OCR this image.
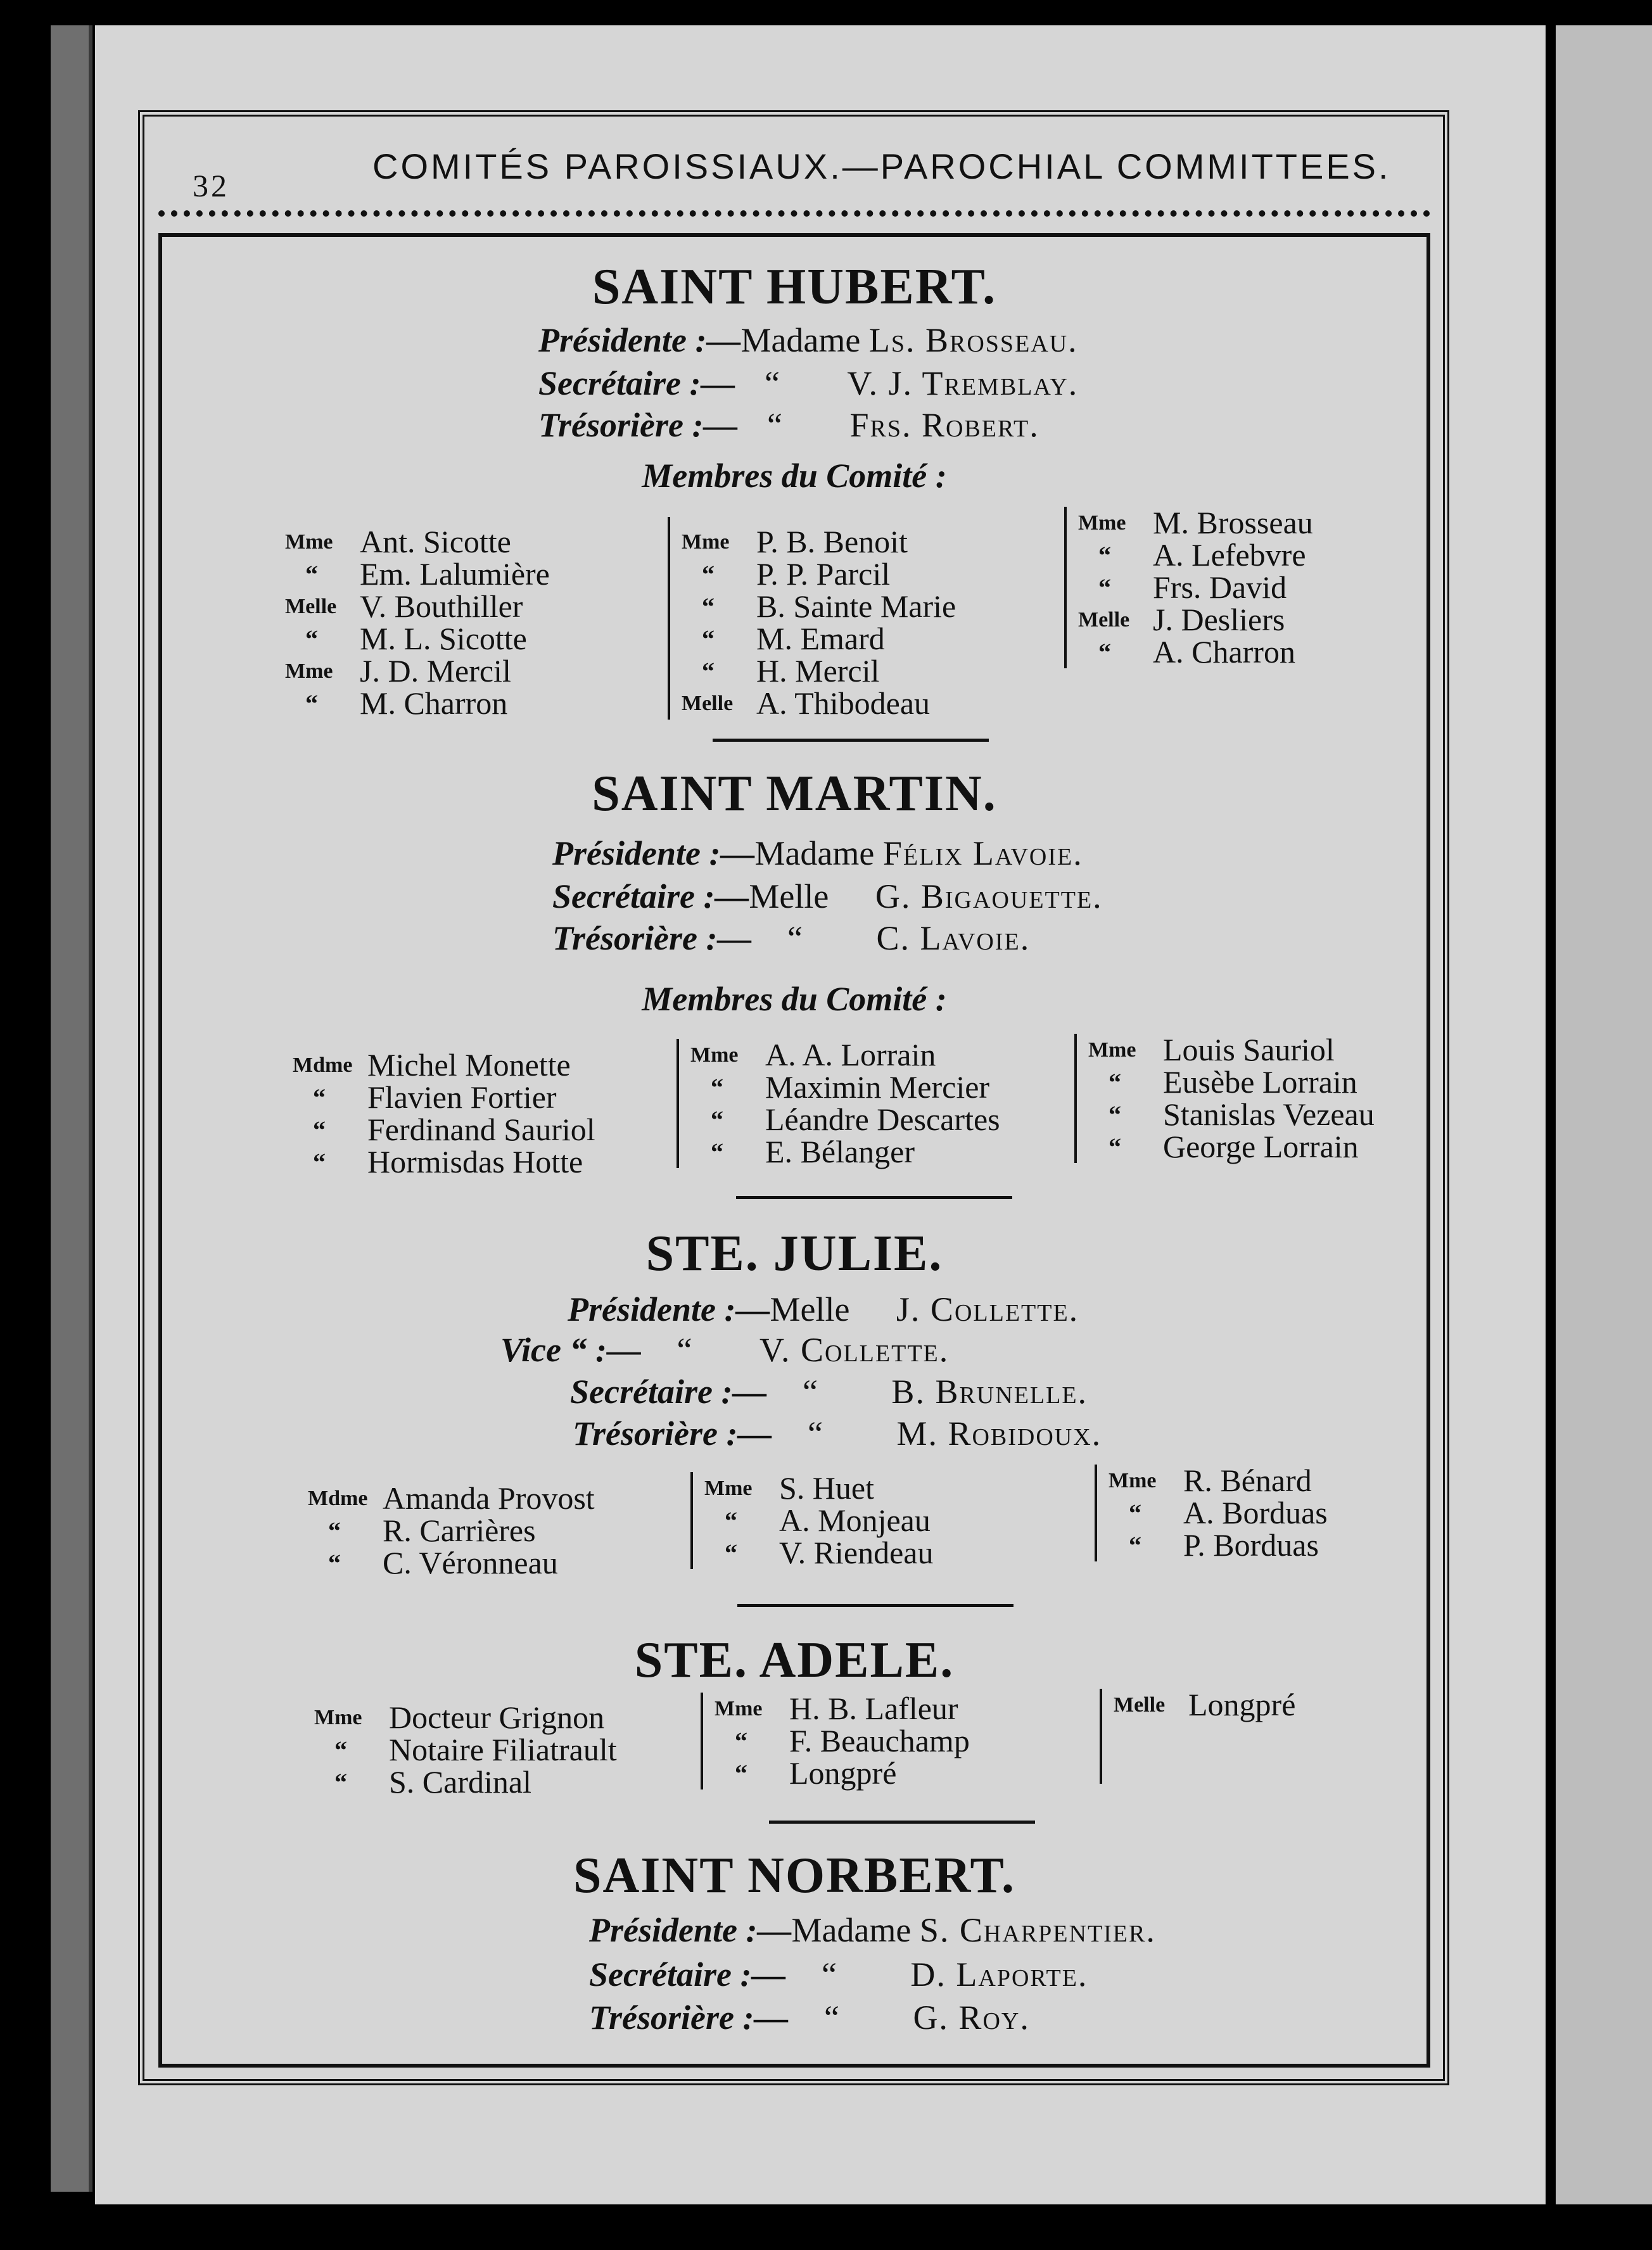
32	COMITÉS PAROISSIAUX.—PAROCHIAL COMMITTEES.
SAINT HUBERT.
Présidente :—Madame Ls. Brosseau.
Secrétaire :— “ V. J. Tremblay.
Trésorière :— “ Frs. Robert.
Membres du Comité :
Mme Ant. Sicotte
“ Em. Lalumière
Melle V. Bouthiller
“ M. L. Sicotte
Mme J. D. Mercil
“ M. Charron
Mme P. B. Benoit
“ P. P. Parcil
“ B. Sainte Marie
“ M. Emard
“ H. Mercil
Melle A. Thibodeau
Mme M. Brosseau
“ A. Lefebvre
“ Frs. David
Melle J. Desliers
“ A. Charron
SAINT MARTIN.
Présidente :—Madame Félix Lavoie.
Secrétaire :—Melle G. Bigaouette.
Trésorière :— “ C. Lavoie.
Membres du Comité :
Mdme Michel Monette
“ Flavien Fortier
“ Ferdinand Sauriol
“ Hormisdas Hotte
Mme A. A. Lorrain
“ Maximin Mercier
“ Léandre Descartes
“ E. Bélanger
Mme Louis Sauriol
“ Eusèbe Lorrain
“ Stanislas Vezeau
“ George Lorrain
STE. JULIE.
Présidente :—Melle J. Collette.
Vice “ :— “ V. Collette.
Secrétaire :— “ B. Brunelle.
Trésorière :— “ M. Robidoux.
Mdme Amanda Provost
“ R. Carrières
“ C. Véronneau
Mme S. Huet
“ A. Monjeau
“ V. Riendeau
Mme R. Bénard
“ A. Borduas
“ P. Borduas
STE. ADELE.
Mme Docteur Grignon
“ Notaire Filiatrault
“ S. Cardinal
Mme H. B. Lafleur
“ F. Beauchamp
“ Longpré
Melle Longpré
SAINT NORBERT.
Présidente :—Madame S. Charpentier.
Secrétaire :— “ D. Laporte.
Trésorière :— “ G. Roy.
